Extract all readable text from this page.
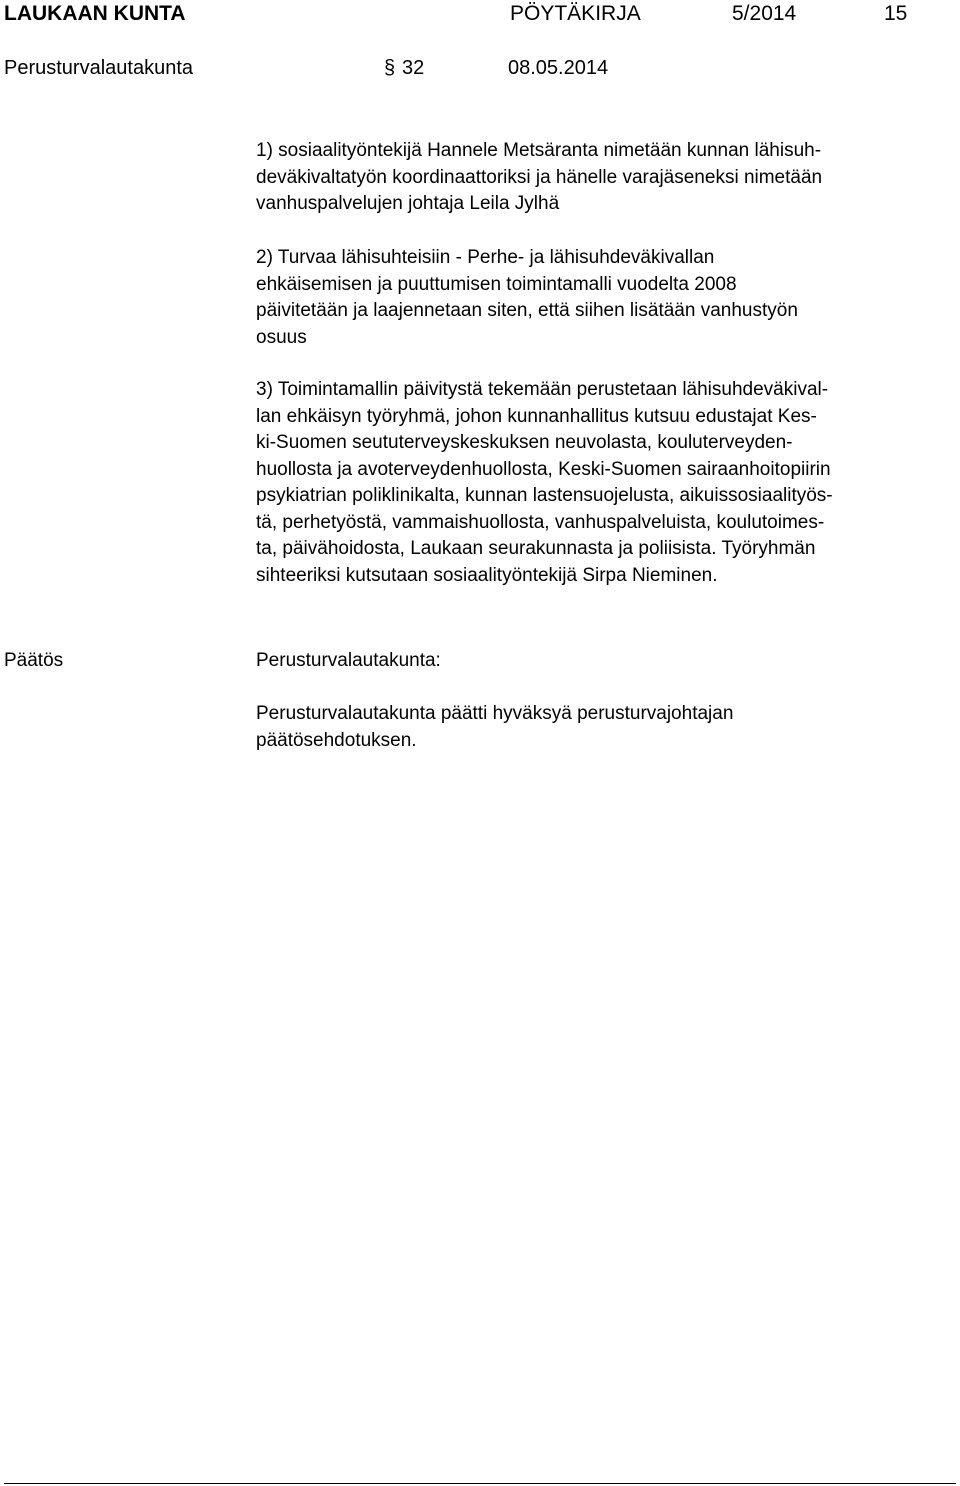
LAUKAAN KUNTA	PÖYTÄKIRJA	5/2014	15
Perusturvalautakunta	§ 32	08.05.2014
1) sosiaalityöntekijä Hannele Metsäranta nimetään kunnan lähisuh-
deväkivaltatyön koordinaattoriksi ja hänelle varajäseneksi nimetään
vanhuspalvelujen johtaja Leila Jylhä
2) Turvaa lähisuhteisiin - Perhe- ja lähisuhdeväkivallan
ehkäisemisen ja puuttumisen toimintamalli vuodelta 2008
päivitetään ja laajennetaan siten, että siihen lisätään vanhustyön
osuus
3) Toimintamallin päivitystä tekemään perustetaan lähisuhdeväkival-
lan ehkäisyn työryhmä, johon kunnanhallitus kutsuu edustajat Kes-
ki-Suomen seututerveyskeskuksen neuvolasta, kouluterveyden-
huollosta ja avoterveydenhuollosta, Keski-Suomen sairaanhoitopiirin
psykiatrian poliklinikalta, kunnan lastensuojelusta, aikuissosiaalityös-
tä, perhetyöstä, vammaishuollosta, vanhuspalveluista, koulutoimes-
ta, päivähoidosta, Laukaan seurakunnasta ja poliisista. Työryhmän
sihteeriksi kutsutaan sosiaalityöntekijä Sirpa Nieminen.
Päätös	Perusturvalautakunta:
Perusturvalautakunta päätti hyväksyä perusturvajohtajan
päätösehdotuksen.
